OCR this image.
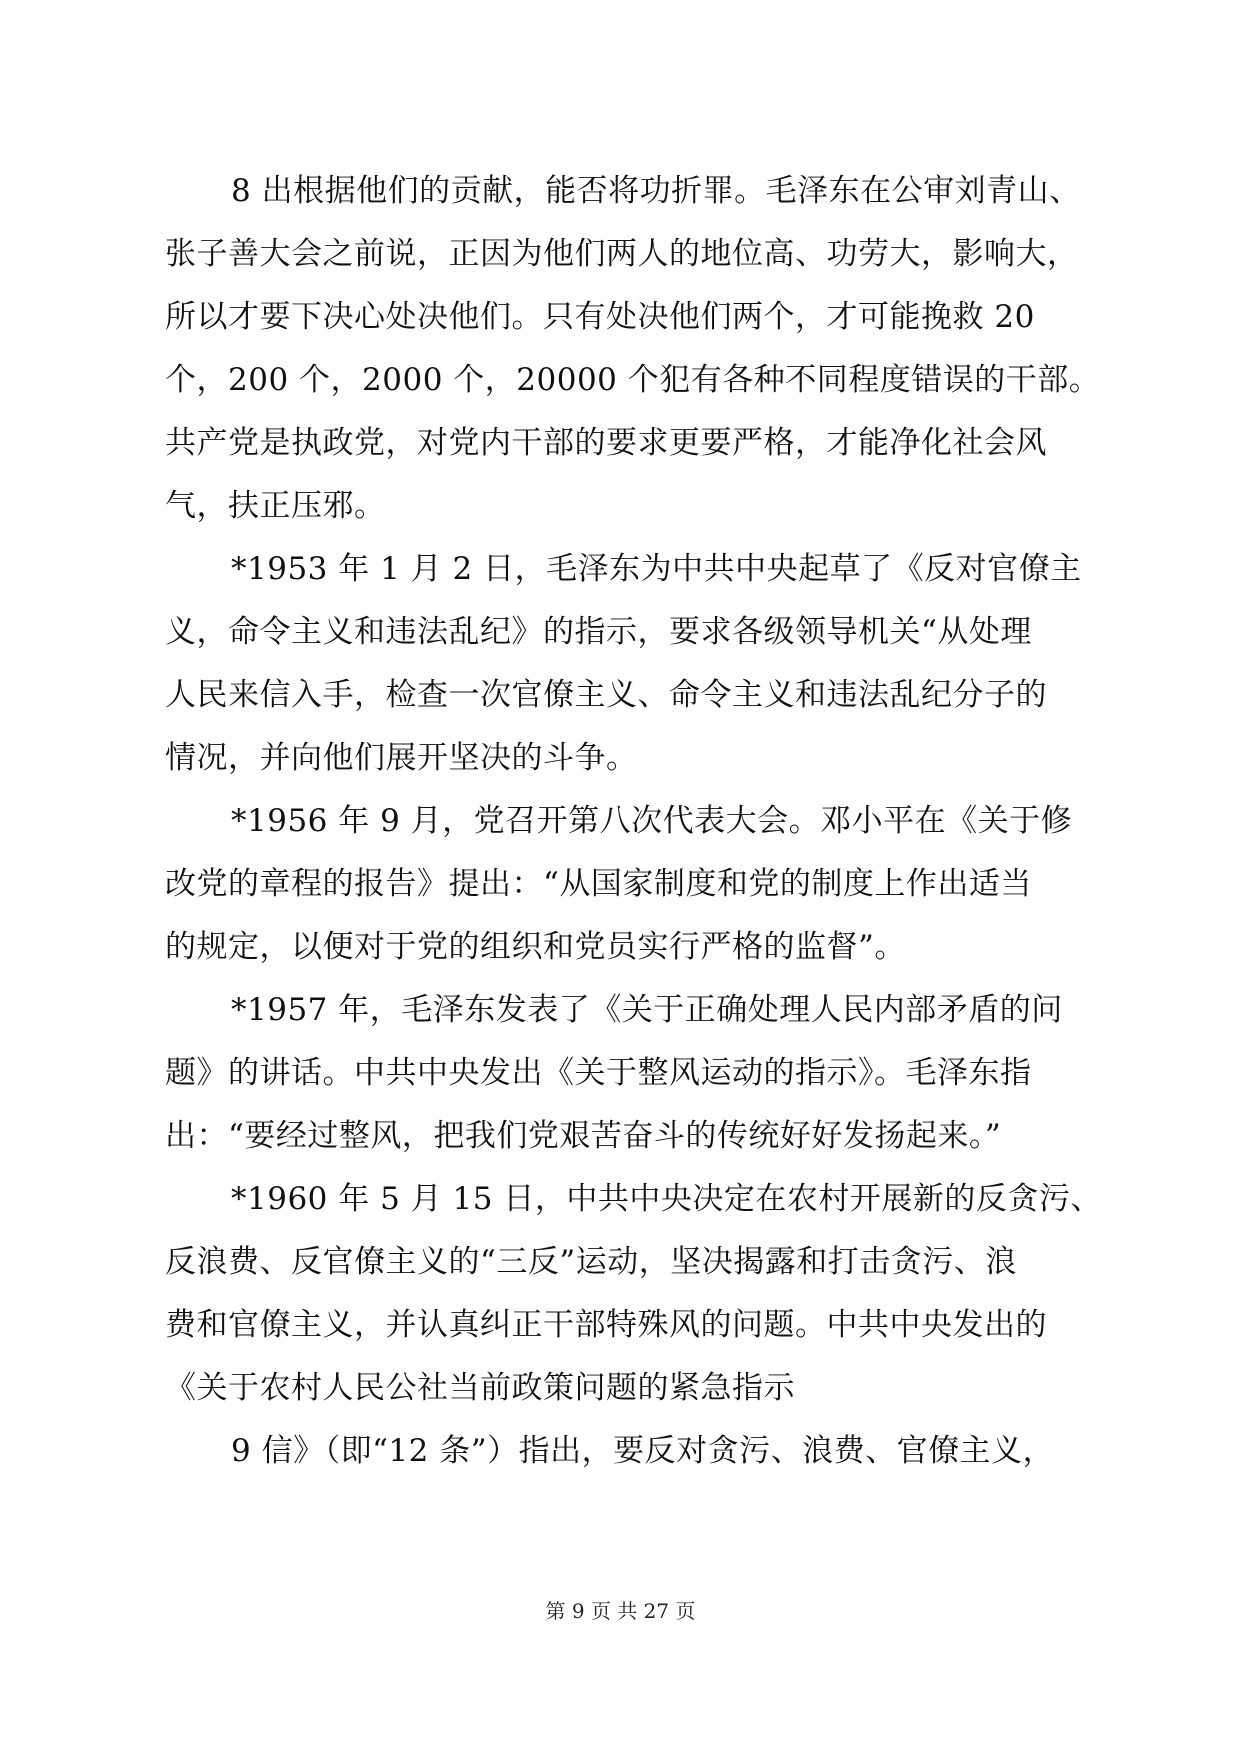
8 出根据他们的贡献，能否将功折罪。毛泽东在公审刘青山、
张子善大会之前说，正因为他们两人的地位高、功劳大，影响大，
所以才要下决心处决他们。只有处决他们两个，才可能挽救 20
个，200 个，2000 个，20000 个犯有各种不同程度错误的干部。
共产党是执政党，对党内干部的要求更要严格，才能净化社会风
气，扶正压邪。
*1953 年 1 月 2 日，毛泽东为中共中央起草了《反对官僚主
义，命令主义和违法乱纪》的指示，要求各级领导机关“从处理
人民来信入手，检查一次官僚主义、命令主义和违法乱纪分子的
情况，并向他们展开坚决的斗争。
*1956 年 9 月，党召开第八次代表大会。邓小平在《关于修
改党的章程的报告》提出：“从国家制度和党的制度上作出适当
的规定，以便对于党的组织和党员实行严格的监督”。
*1957 年，毛泽东发表了《关于正确处理人民内部矛盾的问
题》的讲话。中共中央发出《关于整风运动的指示》。毛泽东指
出：“要经过整风，把我们党艰苦奋斗的传统好好发扬起来。”
*1960 年 5 月 15 日，中共中央决定在农村开展新的反贪污、
反浪费、反官僚主义的“三反”运动，坚决揭露和打击贪污、浪
费和官僚主义，并认真纠正干部特殊风的问题。中共中央发出的
《关于农村人民公社当前政策问题的紧急指示
9 信》（即“12 条”）指出，要反对贪污、浪费、官僚主义，
第 9 页 共 27 页
